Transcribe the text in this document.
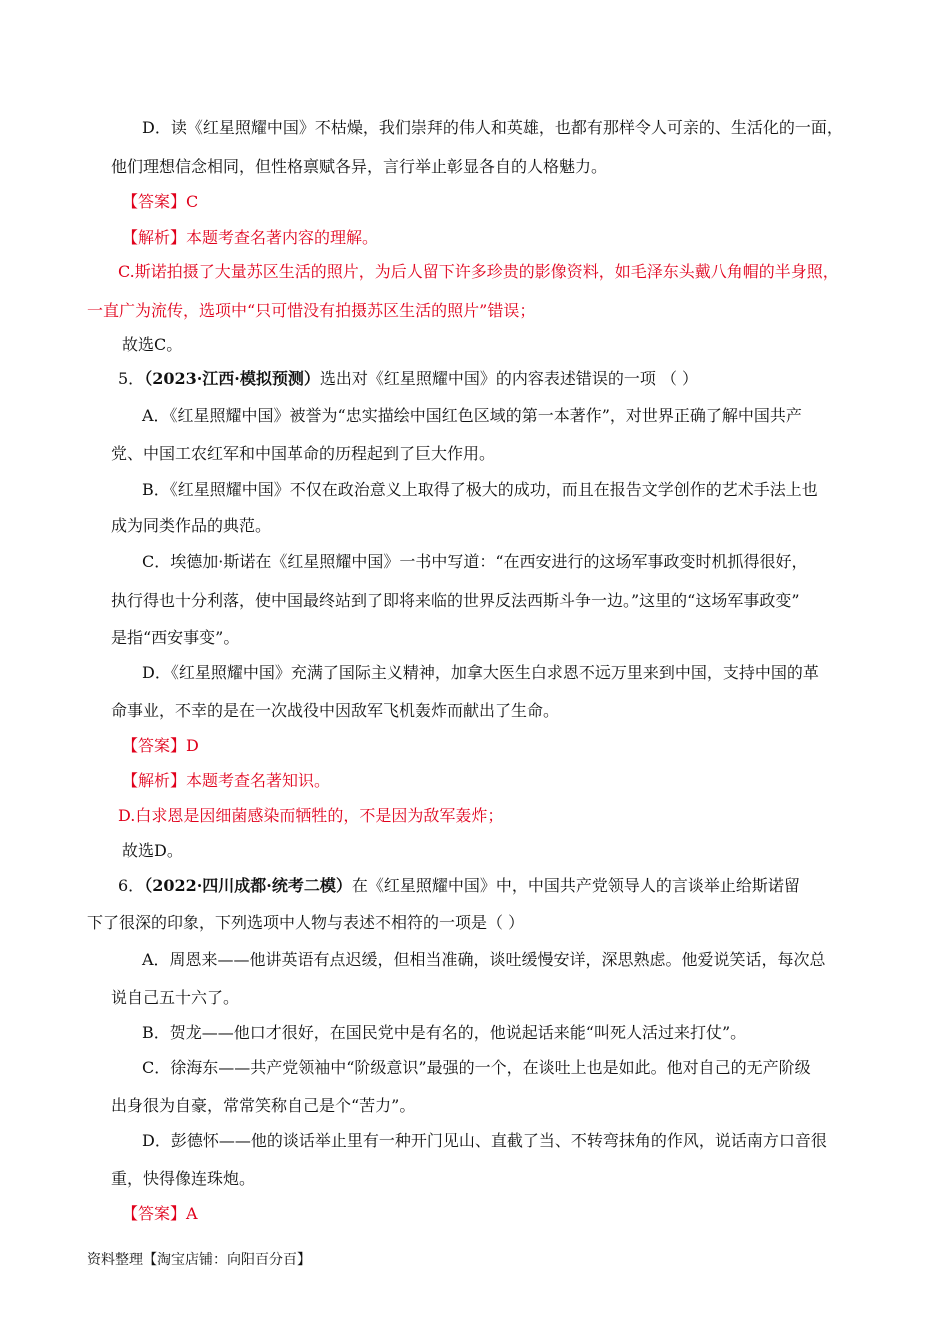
D．读《红星照耀中国》不枯燥，我们崇拜的伟人和英雄，也都有那样令人可亲的、生活化的一面，
他们理想信念相同，但性格禀赋各异，言行举止彰显各自的人格魅力。
【答案】C
【解析】本题考查名著内容的理解。
C.斯诺拍摄了大量苏区生活的照片，为后人留下许多珍贵的影像资料，如毛泽东头戴八角帽的半身照，
一直广为流传，选项中“只可惜没有拍摄苏区生活的照片”错误；
故选C。
5．（2023·江西·模拟预测）选出对《红星照耀中国》的内容表述错误的一项 （ ）
A．《红星照耀中国》被誉为“忠实描绘中国红色区域的第一本著作”，对世界正确了解中国共产
党、中国工农红军和中国革命的历程起到了巨大作用。
B．《红星照耀中国》不仅在政治意义上取得了极大的成功，而且在报告文学创作的艺术手法上也
成为同类作品的典范。
C．埃德加·斯诺在《红星照耀中国》一书中写道：“在西安进行的这场军事政变时机抓得很好，
执行得也十分利落，使中国最终站到了即将来临的世界反法西斯斗争一边。”这里的“这场军事政变”
是指“西安事变”。
D．《红星照耀中国》充满了国际主义精神，加拿大医生白求恩不远万里来到中国，支持中国的革
命事业，不幸的是在一次战役中因敌军飞机轰炸而献出了生命。
【答案】D
【解析】本题考查名著知识。
D.白求恩是因细菌感染而牺牲的，不是因为敌军轰炸；
故选D。
6．（2022·四川成都·统考二模）在《红星照耀中国》中，中国共产党领导人的言谈举止给斯诺留
下了很深的印象，下列选项中人物与表述不相符的一项是（ ）
A．周恩来——他讲英语有点迟缓，但相当准确，谈吐缓慢安详，深思熟虑。他爱说笑话，每次总
说自己五十六了。
B．贺龙——他口才很好，在国民党中是有名的，他说起话来能“叫死人活过来打仗”。
C．徐海东——共产党领袖中“阶级意识”最强的一个，在谈吐上也是如此。他对自己的无产阶级
出身很为自豪，常常笑称自己是个“苦力”。
D．彭德怀——他的谈话举止里有一种开门见山、直截了当、不转弯抹角的作风，说话南方口音很
重，快得像连珠炮。
【答案】A
资料整理【淘宝店铺：向阳百分百】
